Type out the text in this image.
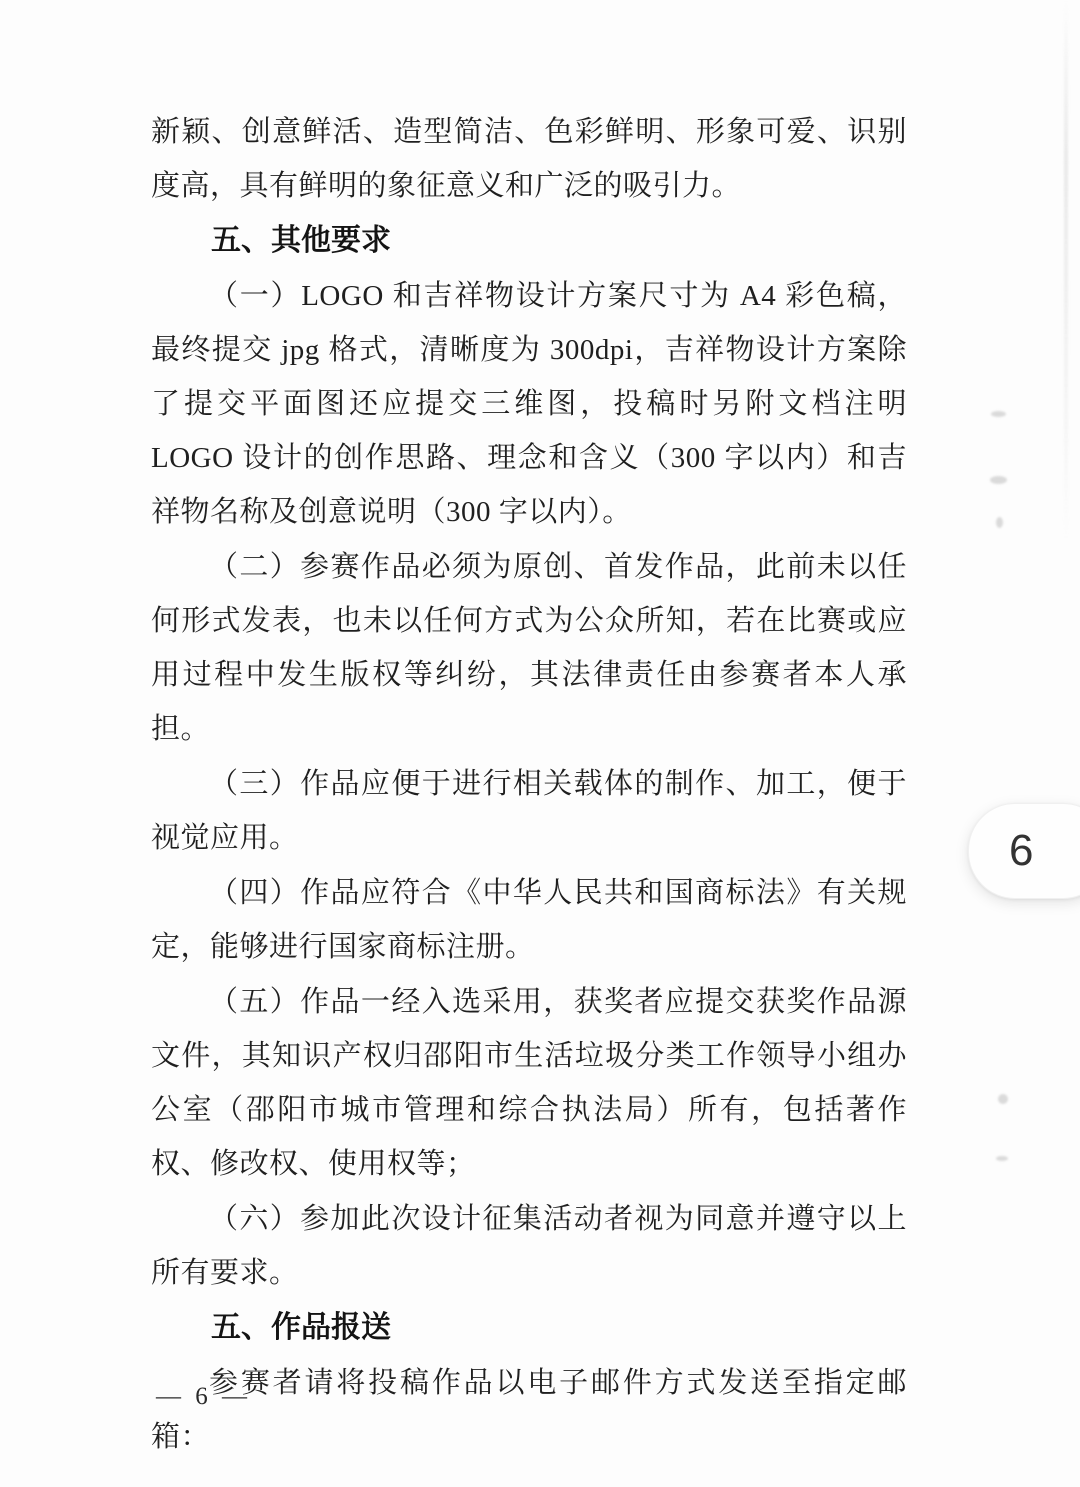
新颖、创意鲜活、造型简洁、色彩鲜明、形象可爱、识别度高，具有鲜明的象征意义和广泛的吸引力。

五、其他要求

（一）LOGO 和吉祥物设计方案尺寸为 A4 彩色稿，最终提交 jpg 格式，清晰度为 300dpi，吉祥物设计方案除了提交平面图还应提交三维图，投稿时另附文档注明 LOGO 设计的创作思路、理念和含义（300 字以内）和吉祥物名称及创意说明（300 字以内）。

（二）参赛作品必须为原创、首发作品，此前未以任何形式发表，也未以任何方式为公众所知，若在比赛或应用过程中发生版权等纠纷，其法律责任由参赛者本人承担。

（三）作品应便于进行相关载体的制作、加工，便于视觉应用。

（四）作品应符合《中华人民共和国商标法》有关规定，能够进行国家商标注册。

（五）作品一经入选采用，获奖者应提交获奖作品源文件，其知识产权归邵阳市生活垃圾分类工作领导小组办公室（邵阳市城市管理和综合执法局）所有，包括著作权、修改权、使用权等；

（六）参加此次设计征集活动者视为同意并遵守以上所有要求。

五、作品报送

参赛者请将投稿作品以电子邮件方式发送至指定邮箱：

— 6 —
6
